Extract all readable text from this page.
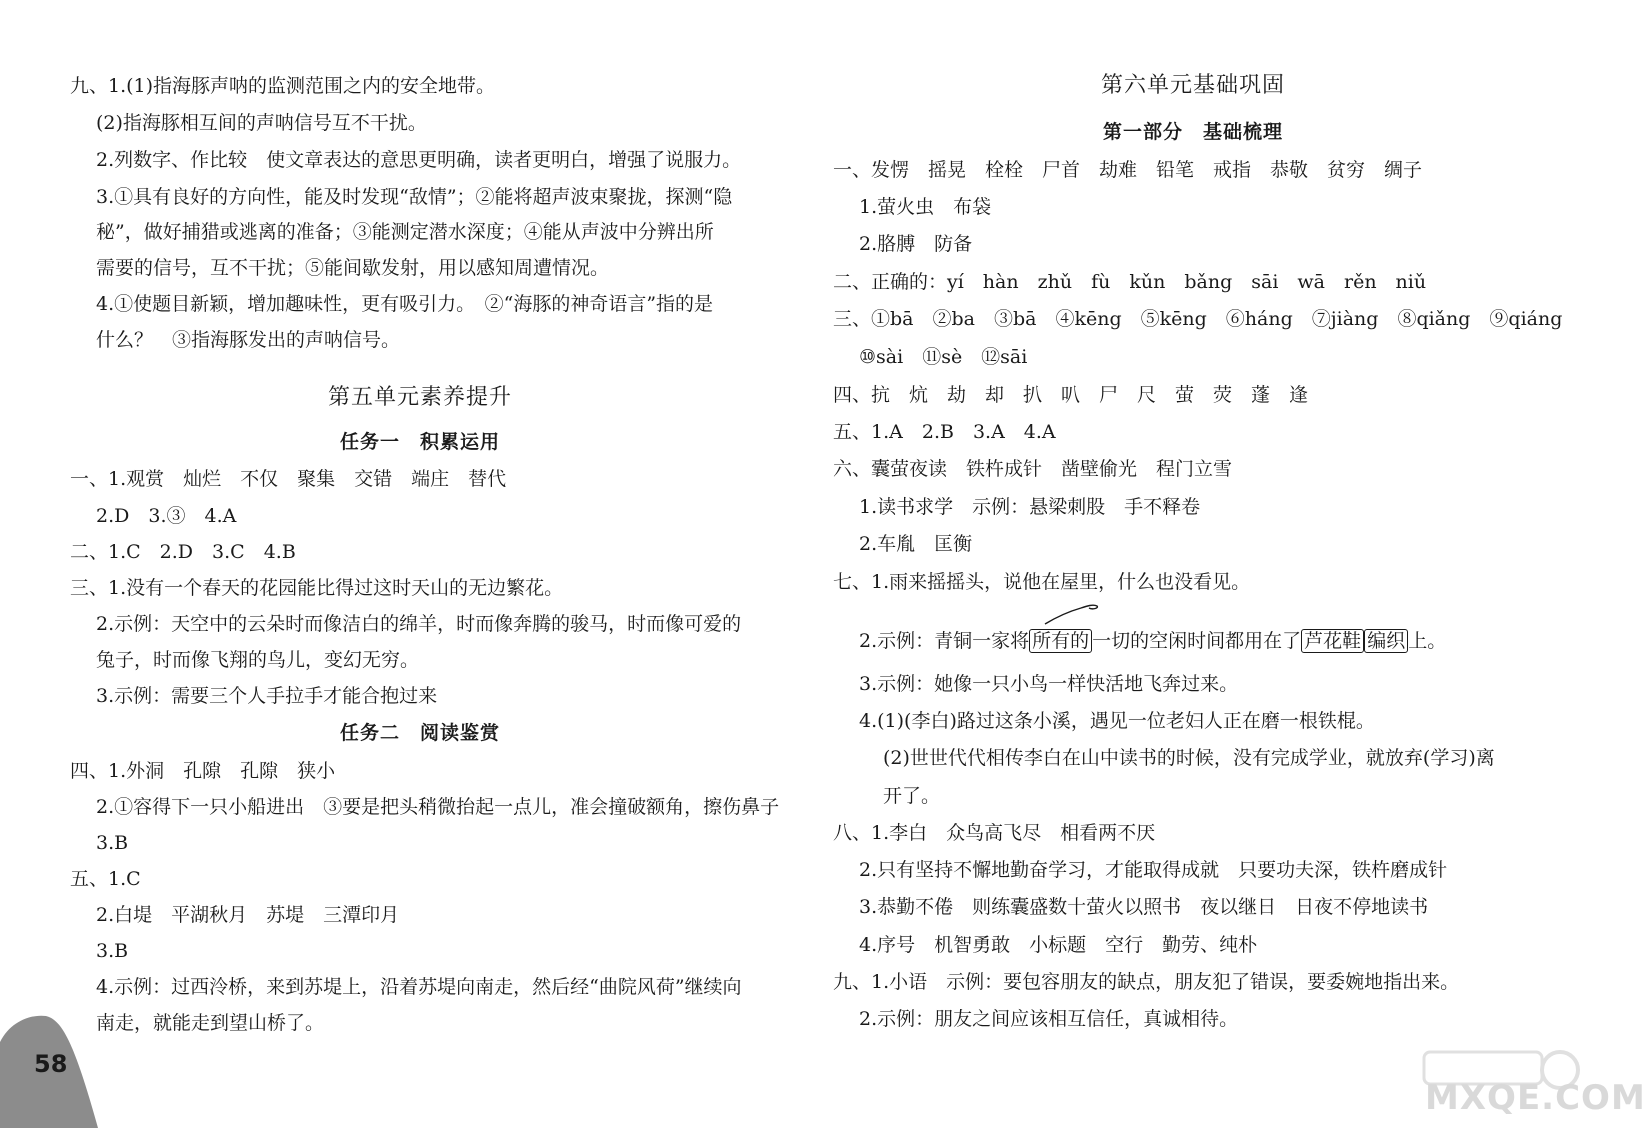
九、1.(1)指海豚声呐的监测范围之内的安全地带。
(2)指海豚相互间的声呐信号互不干扰。
2.列数字、作比较　使文章表达的意思更明确，读者更明白，增强了说服力。
3.①具有良好的方向性，能及时发现“敌情”；②能将超声波束聚拢，探测“隐
秘”，做好捕猎或逃离的准备；③能测定潜水深度；④能从声波中分辨出所
需要的信号，互不干扰；⑤能间歇发射，用以感知周遭情况。
4.①使题目新颖，增加趣味性，更有吸引力。　②“海豚的神奇语言”指的是
什么？　③指海豚发出的声呐信号。
第五单元素养提升
任务一　积累运用
一、1.观赏　灿烂　不仅　聚集　交错　端庄　替代
2.D　3.③　4.A
二、1.C　2.D　3.C　4.B
三、1.没有一个春天的花园能比得过这时天山的无边繁花。
2.示例：天空中的云朵时而像洁白的绵羊，时而像奔腾的骏马，时而像可爱的
兔子，时而像飞翔的鸟儿，变幻无穷。
3.示例：需要三个人手拉手才能合抱过来
任务二　阅读鉴赏
四、1.外洞　孔隙　孔隙　狭小
2.①容得下一只小船进出　③要是把头稍微抬起一点儿，准会撞破额角，擦伤鼻子
3.B
五、1.C
2.白堤　平湖秋月　苏堤　三潭印月
3.B
4.示例：过西泠桥，来到苏堤上，沿着苏堤向南走，然后经“曲院风荷”继续向
南走，就能走到望山桥了。
第六单元基础巩固
第一部分　基础梳理
一、发愣　摇晃　栓栓　尸首　劫难　铅笔　戒指　恭敬　贫穷　绸子
1.萤火虫　布袋
2.胳膊　防备
二、正确的：yí　hàn　zhǔ　fù　kǔn　bǎng　sāi　wā　rěn　niǔ
三、①bā　②ba　③bā　④kēng　⑤kēng　⑥háng　⑦jiàng　⑧qiǎng　⑨qiáng
⑩sài　⑪sè　⑫sāi
四、抗　炕　劫　却　扒　叭　尸　尺　萤　荧　蓬　逢
五、1.A　2.B　3.A　4.A
六、囊萤夜读　铁杵成针　凿壁偷光　程门立雪
1.读书求学　示例：悬梁刺股　手不释卷
2.车胤　匡衡
七、1.雨来摇摇头，说他在屋里，什么也没看见。
2.示例：青铜一家将 所有的 一切的空闲时间都用在了 芦花鞋 编织 上。
3.示例：她像一只小鸟一样快活地飞奔过来。
4.(1)(李白)路过这条小溪，遇见一位老妇人正在磨一根铁棍。
(2)世世代代相传李白在山中读书的时候，没有完成学业，就放弃(学习)离
开了。
八、1.李白　众鸟高飞尽　相看两不厌
2.只有坚持不懈地勤奋学习，才能取得成就　只要功夫深，铁杵磨成针
3.恭勤不倦　则练囊盛数十萤火以照书　夜以继日　日夜不停地读书
4.序号　机智勇敢　小标题　空行　勤劳、纯朴
九、1.小语　示例：要包容朋友的缺点，朋友犯了错误，要委婉地指出来。
2.示例：朋友之间应该相互信任，真诚相待。
58
MXQE.COM
